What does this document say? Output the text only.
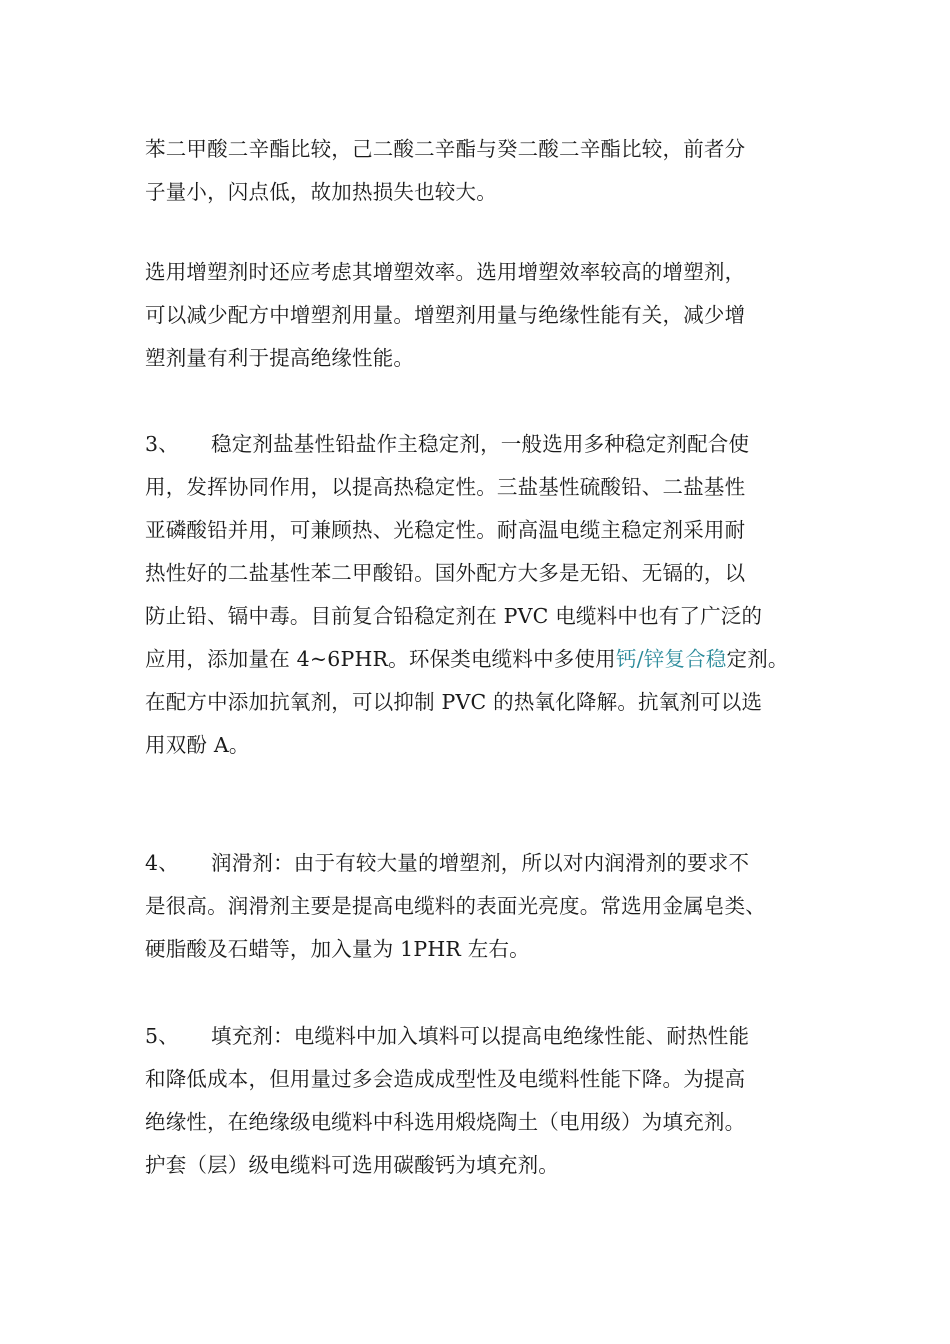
苯二甲酸二辛酯比较，己二酸二辛酯与癸二酸二辛酯比较，前者分
子量小，闪点低，故加热损失也较大。
选用增塑剂时还应考虑其增塑效率。选用增塑效率较高的增塑剂，
可以减少配方中增塑剂用量。增塑剂用量与绝缘性能有关，减少增
塑剂量有利于提高绝缘性能。
3、 稳定剂盐基性铅盐作主稳定剂，一般选用多种稳定剂配合使
用，发挥协同作用，以提高热稳定性。三盐基性硫酸铅、二盐基性
亚磷酸铅并用，可兼顾热、光稳定性。耐高温电缆主稳定剂采用耐
热性好的二盐基性苯二甲酸铅。国外配方大多是无铅、无镉的，以
防止铅、镉中毒。目前复合铅稳定剂在 PVC 电缆料中也有了广泛的
应用，添加量在 4~6PHR。环保类电缆料中多使用钙/锌复合稳定剂。
在配方中添加抗氧剂，可以抑制 PVC 的热氧化降解。抗氧剂可以选
用双酚 A。
4、 润滑剂：由于有较大量的增塑剂，所以对内润滑剂的要求不
是很高。润滑剂主要是提高电缆料的表面光亮度。常选用金属皂类、
硬脂酸及石蜡等，加入量为 1PHR 左右。
5、 填充剂：电缆料中加入填料可以提高电绝缘性能、耐热性能
和降低成本，但用量过多会造成成型性及电缆料性能下降。为提高
绝缘性，在绝缘级电缆料中科选用煅烧陶土（电用级）为填充剂。
护套（层）级电缆料可选用碳酸钙为填充剂。
